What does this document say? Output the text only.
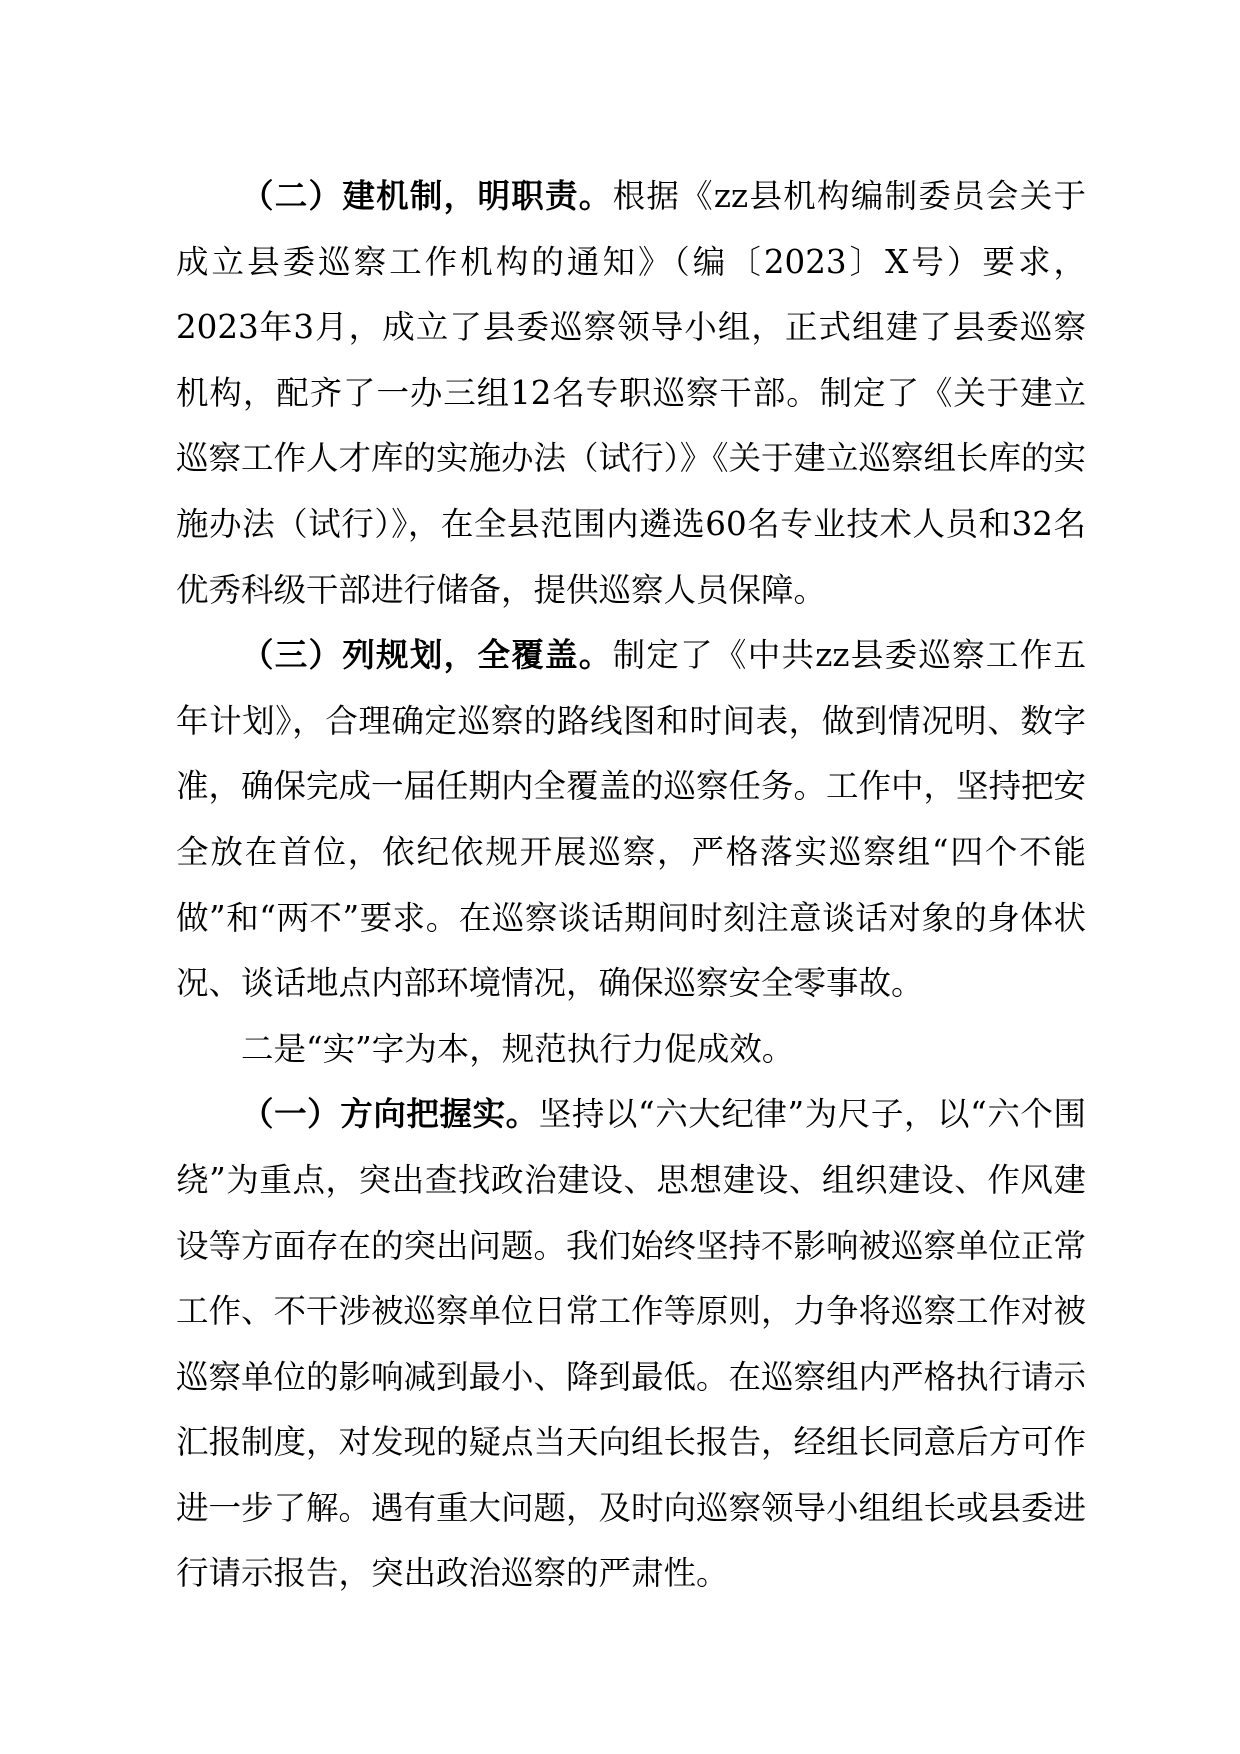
（二）建机制，明职责。根据《zz县机构编制委员会关于成立县委巡察工作机构的通知》（编〔2023〕X号）要求，2023年3月，成立了县委巡察领导小组，正式组建了县委巡察机构，配齐了一办三组12名专职巡察干部。制定了《关于建立巡察工作人才库的实施办法（试行）》《关于建立巡察组长库的实施办法（试行）》，在全县范围内遴选60名专业技术人员和32名优秀科级干部进行储备，提供巡察人员保障。

（三）列规划，全覆盖。制定了《中共zz县委巡察工作五年计划》，合理确定巡察的路线图和时间表，做到情况明、数字准，确保完成一届任期内全覆盖的巡察任务。工作中，坚持把安全放在首位，依纪依规开展巡察，严格落实巡察组“四个不能做”和“两不”要求。在巡察谈话期间时刻注意谈话对象的身体状况、谈话地点内部环境情况，确保巡察安全零事故。

二是“实”字为本，规范执行力促成效。

（一）方向把握实。坚持以“六大纪律”为尺子，以“六个围绕”为重点，突出查找政治建设、思想建设、组织建设、作风建设等方面存在的突出问题。我们始终坚持不影响被巡察单位正常工作、不干涉被巡察单位日常工作等原则，力争将巡察工作对被巡察单位的影响减到最小、降到最低。在巡察组内严格执行请示汇报制度，对发现的疑点当天向组长报告，经组长同意后方可作进一步了解。遇有重大问题，及时向巡察领导小组组长或县委进行请示报告，突出政治巡察的严肃性。
